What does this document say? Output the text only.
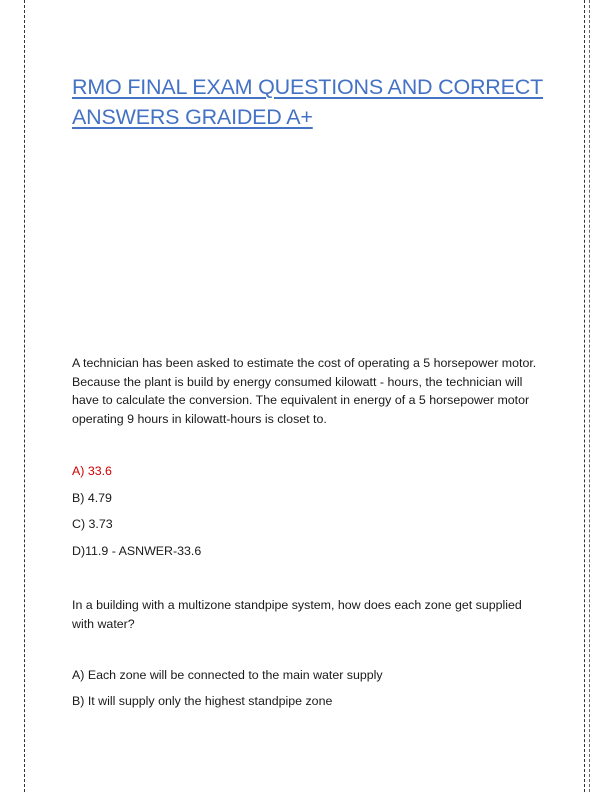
RMO FINAL EXAM QUESTIONS AND CORRECT ANSWERS GRAIDED A+

A technician has been asked to estimate the cost of operating a 5 horsepower motor. Because the plant is build by energy consumed kilowatt - hours, the technician will have to calculate the conversion. The equivalent in energy of a 5 horsepower motor operating 9 hours in kilowatt-hours is closet to.

A) 33.6

B) 4.79

C) 3.73

D)11.9 - ASNWER-33.6

In a building with a multizone standpipe system, how does each zone get supplied with water?

A) Each zone will be connected to the main water supply

B) It will supply only the highest standpipe zone
